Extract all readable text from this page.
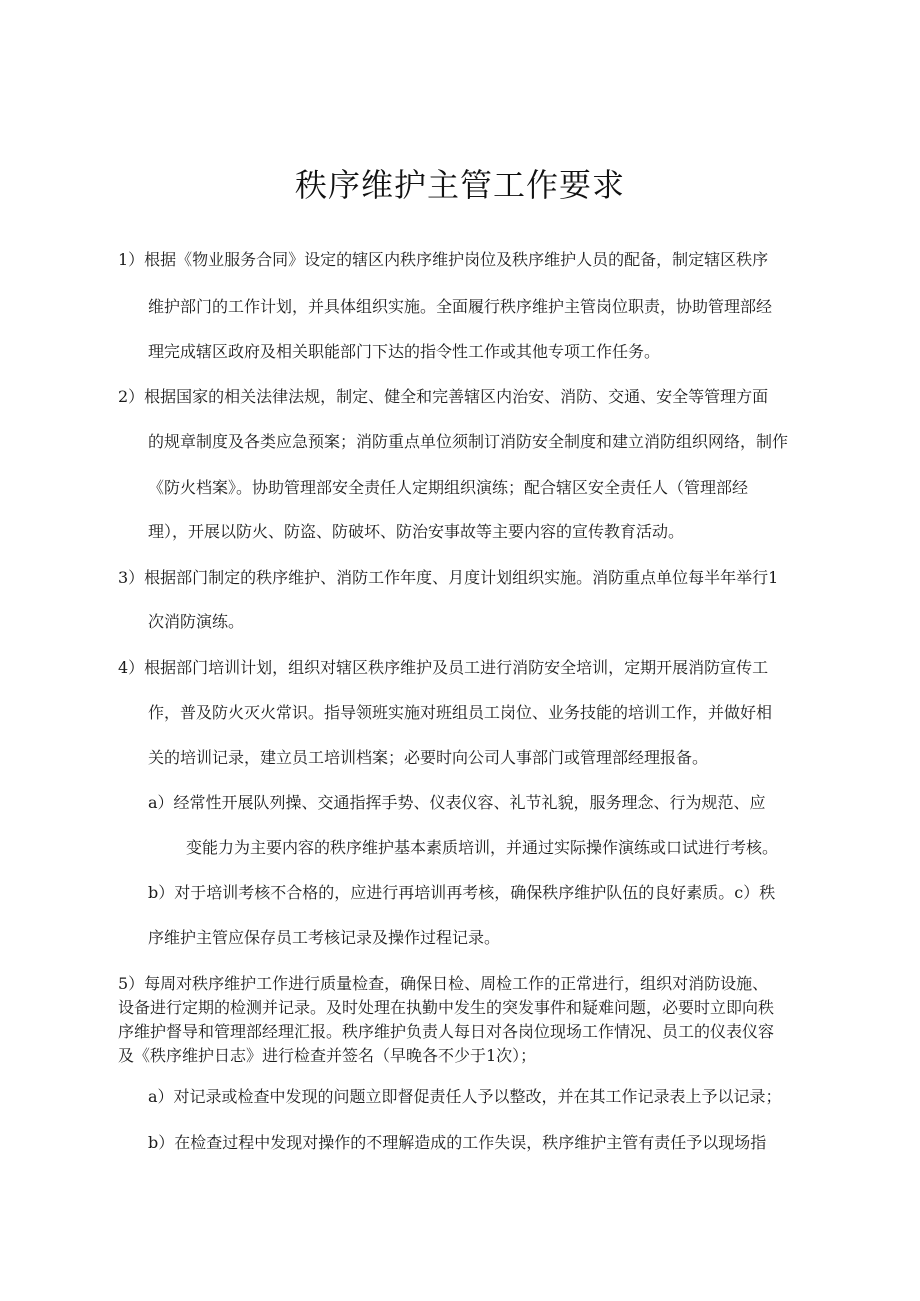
秩序维护主管工作要求
1）根据《物业服务合同》设定的辖区内秩序维护岗位及秩序维护人员的配备，制定辖区秩序
维护部门的工作计划，并具体组织实施。全面履行秩序维护主管岗位职责，协助管理部经
理完成辖区政府及相关职能部门下达的指令性工作或其他专项工作任务。
2）根据国家的相关法律法规，制定、健全和完善辖区内治安、消防、交通、安全等管理方面
的规章制度及各类应急预案；消防重点单位须制订消防安全制度和建立消防组织网络，制作
《防火档案》。协助管理部安全责任人定期组织演练；配合辖区安全责任人（管理部经
理），开展以防火、防盗、防破坏、防治安事故等主要内容的宣传教育活动。
3）根据部门制定的秩序维护、消防工作年度、月度计划组织实施。消防重点单位每半年举行1
次消防演练。
4）根据部门培训计划，组织对辖区秩序维护及员工进行消防安全培训，定期开展消防宣传工
作，普及防火灭火常识。指导领班实施对班组员工岗位、业务技能的培训工作，并做好相
关的培训记录，建立员工培训档案；必要时向公司人事部门或管理部经理报备。
a）经常性开展队列操、交通指挥手势、仪表仪容、礼节礼貌，服务理念、行为规范、应
变能力为主要内容的秩序维护基本素质培训，并通过实际操作演练或口试进行考核。
b）对于培训考核不合格的，应进行再培训再考核，确保秩序维护队伍的良好素质。c）秩
序维护主管应保存员工考核记录及操作过程记录。
5）每周对秩序维护工作进行质量检查，确保日检、周检工作的正常进行，组织对消防设施、
设备进行定期的检测并记录。及时处理在执勤中发生的突发事件和疑难问题，必要时立即向秩
序维护督导和管理部经理汇报。秩序维护负责人每日对各岗位现场工作情况、员工的仪表仪容
及《秩序维护日志》进行检查并签名（早晚各不少于1次）；
a）对记录或检查中发现的问题立即督促责任人予以整改，并在其工作记录表上予以记录；
b）在检查过程中发现对操作的不理解造成的工作失误，秩序维护主管有责任予以现场指
